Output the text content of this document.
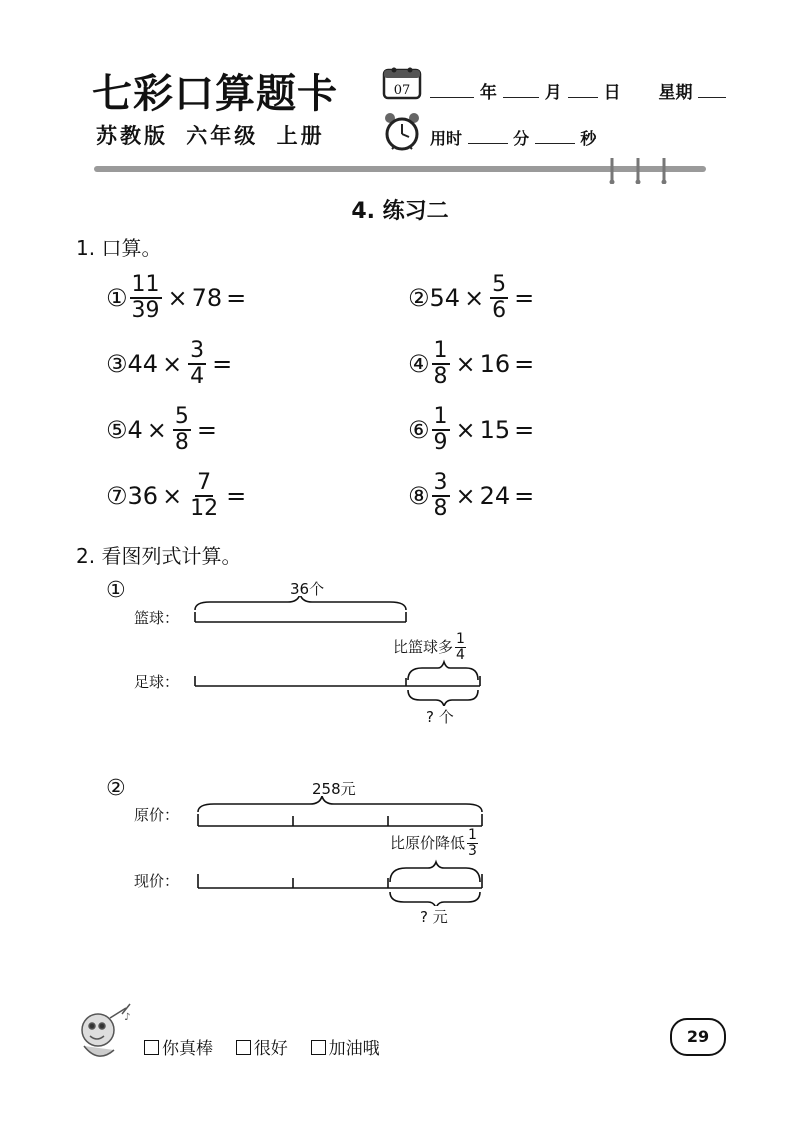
七彩口算题卡
苏教版 六年级 上册
07	年	月 日 星期
用时	分	秒
4. 练习二
1. 口算。
① $\frac{11}{39} \times 78$ =	② $54 \times \frac{5}{6}$ =
③ $44 \times \frac{3}{4}$ =	④ $\frac{1}{8} \times 16$ =
⑤ $4 \times \frac{5}{8}$ =	⑥ $\frac{1}{9} \times 15$ =
⑦ $36 \times \frac{7}{12}$ =	⑧ $\frac{3}{8} \times 24$ =
2. 看图列式计算。
①
篮球：
36个
足球：
比篮球多 $\frac{1}{4}$
? 个
②
原价：
258元
现价：
比原价降低 $\frac{1}{3}$
? 元
♪
你真棒 很好 加油哦
29
